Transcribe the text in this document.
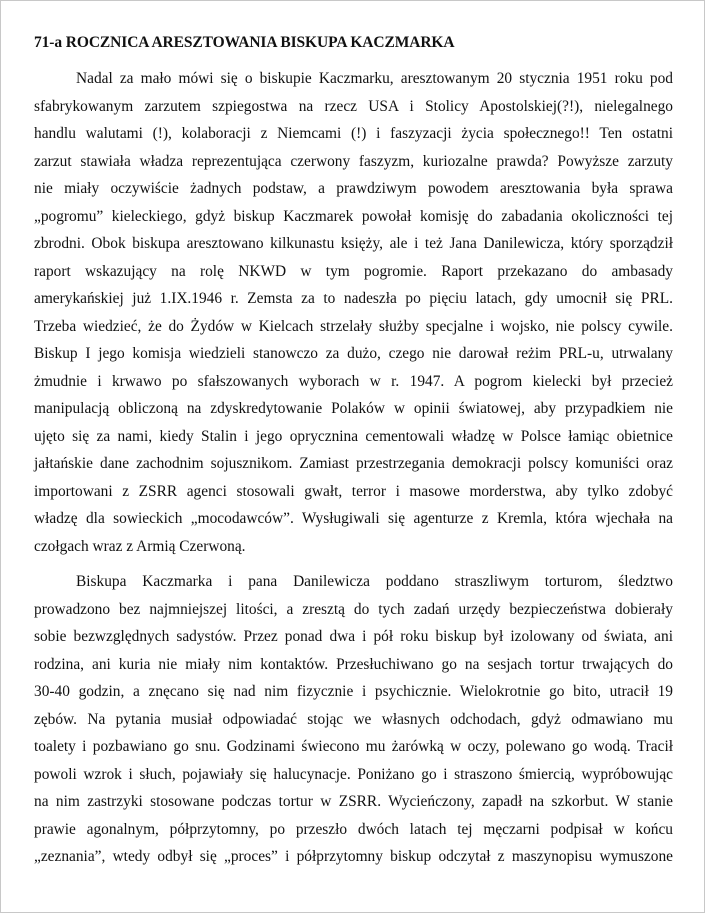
71-a ROCZNICA ARESZTOWANIA BISKUPA KACZMARKA
Nadal za mało mówi się o biskupie Kaczmarku, aresztowanym 20 stycznia 1951 roku pod
sfabrykowanym zarzutem szpiegostwa na rzecz USA i Stolicy Apostolskiej(?!), nielegalnego
handlu walutami (!), kolaboracji z Niemcami (!) i faszyzacji życia społecznego!! Ten ostatni
zarzut stawiała władza reprezentująca czerwony faszyzm, kuriozalne prawda? Powyższe zarzuty
nie miały oczywiście żadnych podstaw, a prawdziwym powodem aresztowania była sprawa
„pogromu” kieleckiego, gdyż biskup Kaczmarek powołał komisję do zabadania okoliczności tej
zbrodni. Obok biskupa aresztowano kilkunastu księży, ale i też Jana Danilewicza, który sporządził
raport wskazujący na rolę NKWD w tym pogromie. Raport przekazano do ambasady
amerykańskiej już 1.IX.1946 r. Zemsta za to nadeszła po pięciu latach, gdy umocnił się PRL.
Trzeba wiedzieć, że do Żydów w Kielcach strzelały służby specjalne i wojsko, nie polscy cywile.
Biskup I jego komisja wiedzieli stanowczo za dużo, czego nie darował reżim PRL-u, utrwalany
żmudnie i krwawo po sfałszowanych wyborach w r. 1947. A pogrom kielecki był przecież
manipulacją obliczoną na zdyskredytowanie Polaków w opinii światowej, aby przypadkiem nie
ujęto się za nami, kiedy Stalin i jego oprycznina cementowali władzę w Polsce łamiąc obietnice
jałtańskie dane zachodnim sojusznikom. Zamiast przestrzegania demokracji polscy komuniści oraz
importowani z ZSRR agenci stosowali gwałt, terror i masowe morderstwa, aby tylko zdobyć
władzę dla sowieckich „mocodawców”. Wysługiwali się agenturze z Kremla, która wjechała na
czołgach wraz z Armią Czerwoną.
Biskupa Kaczmarka i pana Danilewicza poddano straszliwym torturom, śledztwo
prowadzono bez najmniejszej litości, a zresztą do tych zadań urzędy bezpieczeństwa dobierały
sobie bezwzględnych sadystów. Przez ponad dwa i pół roku biskup był izolowany od świata, ani
rodzina, ani kuria nie miały nim kontaktów. Przesłuchiwano go na sesjach tortur trwających do
30-40 godzin, a znęcano się nad nim fizycznie i psychicznie. Wielokrotnie go bito, utracił 19
zębów. Na pytania musiał odpowiadać stojąc we własnych odchodach, gdyż odmawiano mu
toalety i pozbawiano go snu. Godzinami świecono mu żarówką w oczy, polewano go wodą. Tracił
powoli wzrok i słuch, pojawiały się halucynacje. Poniżano go i straszono śmiercią, wypróbowując
na nim zastrzyki stosowane podczas tortur w ZSRR. Wycieńczony, zapadł na szkorbut. W stanie
prawie agonalnym, półprzytomny, po przeszło dwóch latach tej męczarni podpisał w końcu
„zeznania”, wtedy odbył się „proces” i półprzytomny biskup odczytał z maszynopisu wymuszone
